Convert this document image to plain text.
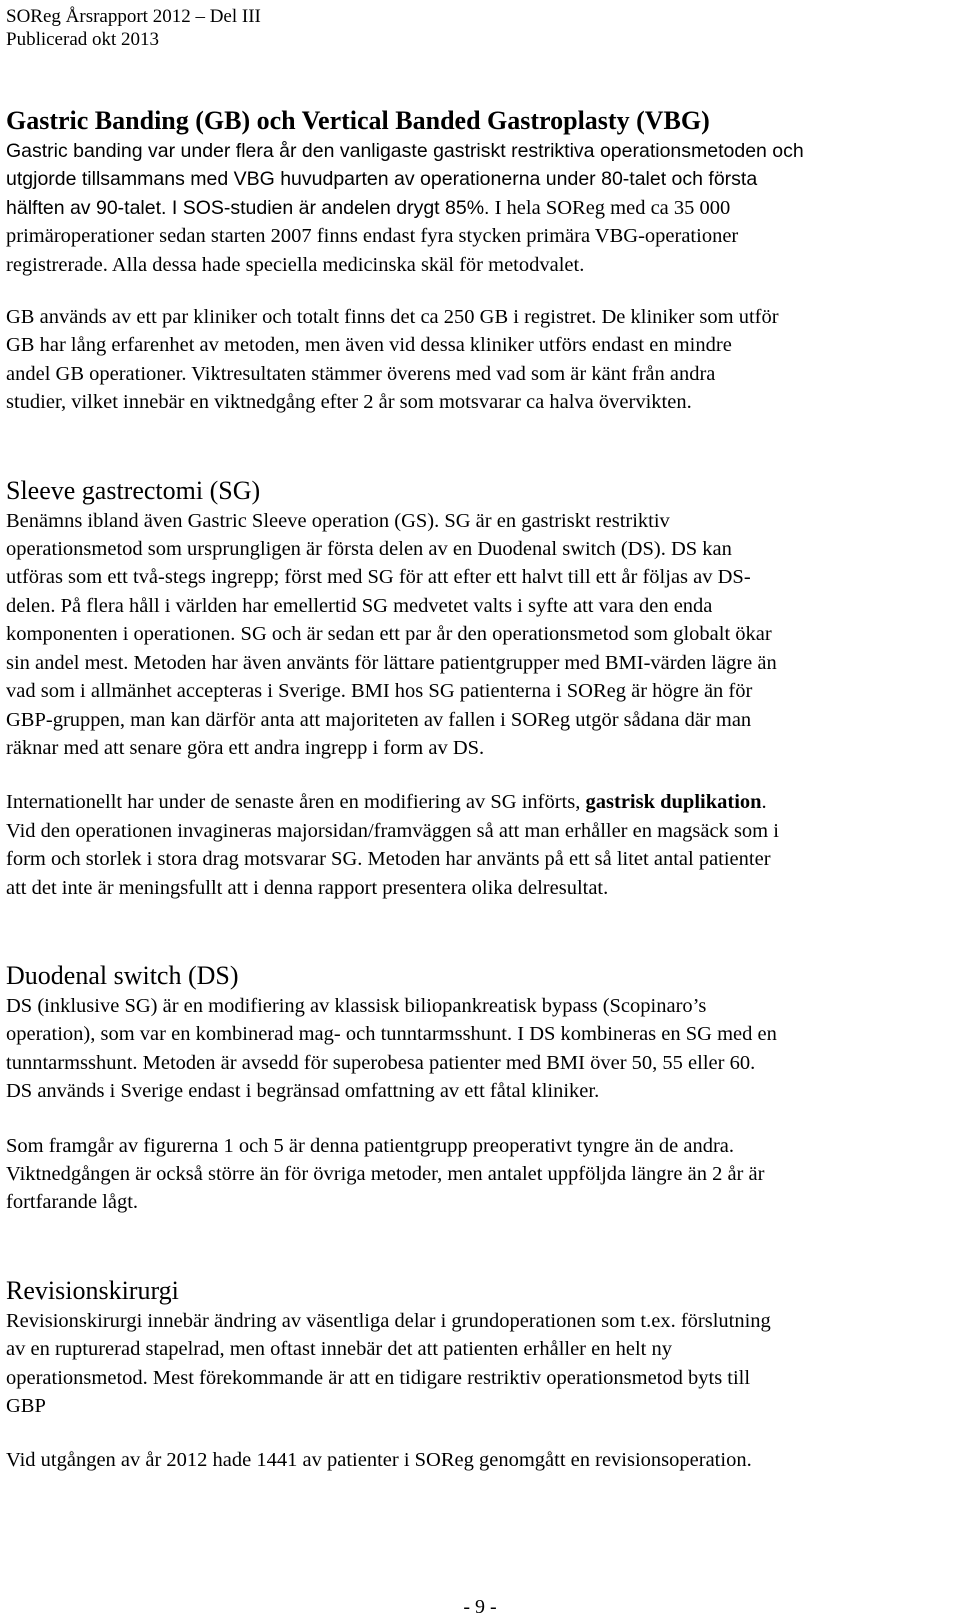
SOReg Årsrapport 2012 – Del III
Publicerad okt 2013
Gastric Banding (GB) och Vertical Banded Gastroplasty (VBG)

Gastric banding var under flera år den vanligaste gastriskt restriktiva operationsmetoden och
utgjorde tillsammans med VBG huvudparten av operationerna under 80-talet och första
hälften av 90-talet. I SOS-studien är andelen drygt 85%. I hela SOReg med ca 35 000
primäroperationer sedan starten 2007 finns endast fyra stycken primära VBG-operationer
registrerade. Alla dessa hade speciella medicinska skäl för metodvalet.

GB används av ett par kliniker och totalt finns det ca 250 GB i registret. De kliniker som utför
GB har lång erfarenhet av metoden, men även vid dessa kliniker utförs endast en mindre
andel GB operationer. Viktresultaten stämmer överens med vad som är känt från andra
studier, vilket innebär en viktnedgång efter 2 år som motsvarar ca halva övervikten.

Sleeve gastrectomi (SG)

Benämns ibland även Gastric Sleeve operation (GS). SG är en gastriskt restriktiv
operationsmetod som ursprungligen är första delen av en Duodenal switch (DS). DS kan
utföras som ett två-stegs ingrepp; först med SG för att efter ett halvt till ett år följas av DS-
delen. På flera håll i världen har emellertid SG medvetet valts i syfte att vara den enda
komponenten i operationen. SG och är sedan ett par år den operationsmetod som globalt ökar
sin andel mest. Metoden har även använts för lättare patientgrupper med BMI-värden lägre än
vad som i allmänhet accepteras i Sverige. BMI hos SG patienterna i SOReg är högre än för
GBP-gruppen, man kan därför anta att majoriteten av fallen i SOReg utgör sådana där man
räknar med att senare göra ett andra ingrepp i form av DS.

Internationellt har under de senaste åren en modifiering av SG införts, gastrisk duplikation.
Vid den operationen invagineras majorsidan/framväggen så att man erhåller en magsäck som i
form och storlek i stora drag motsvarar SG. Metoden har använts på ett så litet antal patienter
att det inte är meningsfullt att i denna rapport presentera olika delresultat.

Duodenal switch (DS)

DS (inklusive SG) är en modifiering av klassisk biliopankreatisk bypass (Scopinaro’s
operation), som var en kombinerad mag- och tunntarmsshunt. I DS kombineras en SG med en
tunntarmsshunt. Metoden är avsedd för superobesa patienter med BMI över 50, 55 eller 60.
DS används i Sverige endast i begränsad omfattning av ett fåtal kliniker.

Som framgår av figurerna 1 och 5 är denna patientgrupp preoperativt tyngre än de andra.
Viktnedgången är också större än för övriga metoder, men antalet uppföljda längre än 2 år är
fortfarande lågt.

Revisionskirurgi

Revisionskirurgi innebär ändring av väsentliga delar i grundoperationen som t.ex. förslutning
av en rupturerad stapelrad, men oftast innebär det att patienten erhåller en helt ny
operationsmetod. Mest förekommande är att en tidigare restriktiv operationsmetod byts till
GBP

Vid utgången av år 2012 hade 1441 av patienter i SOReg genomgått en revisionsoperation.

- 9 -
